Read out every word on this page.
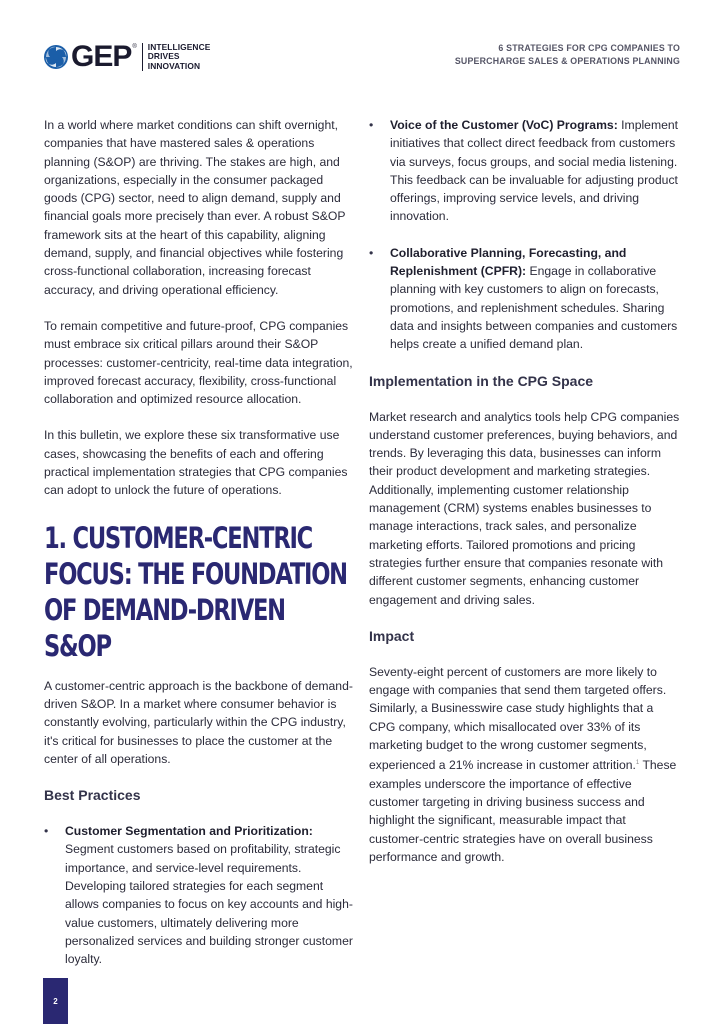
GEP ® INTELLIGENCE
DRIVES
INNOVATION
6 STRATEGIES FOR CPG COMPANIES TO
SUPERCHARGE SALES & OPERATIONS PLANNING

In a world where market conditions can shift overnight, companies that have mastered sales & operations planning (S&OP) are thriving. The stakes are high, and organizations, especially in the consumer packaged goods (CPG) sector, need to align demand, supply and financial goals more precisely than ever. A robust S&OP framework sits at the heart of this capability, aligning demand, supply, and financial objectives while fostering cross-functional collaboration, increasing forecast accuracy, and driving operational efficiency.

To remain competitive and future-proof, CPG companies must embrace six critical pillars around their S&OP processes: customer-centricity, real-time data integration, improved forecast accuracy, flexibility, cross-functional collaboration and optimized resource allocation.

In this bulletin, we explore these six transformative use cases, showcasing the benefits of each and offering practical implementation strategies that CPG companies can adopt to unlock the future of operations.

1. CUSTOMER-CENTRIC
FOCUS: THE FOUNDATION
OF DEMAND-DRIVEN S&OP

A customer-centric approach is the backbone of demand-driven S&OP. In a market where consumer behavior is constantly evolving, particularly within the CPG industry, it's critical for businesses to place the customer at the center of all operations.

Best Practices
• Customer Segmentation and Prioritization: Segment customers based on profitability, strategic importance, and service-level requirements. Developing tailored strategies for each segment allows companies to focus on key accounts and high-value customers, ultimately delivering more personalized services and building stronger customer loyalty.
• Voice of the Customer (VoC) Programs: Implement initiatives that collect direct feedback from customers via surveys, focus groups, and social media listening. This feedback can be invaluable for adjusting product offerings, improving service levels, and driving innovation.
• Collaborative Planning, Forecasting, and Replenishment (CPFR): Engage in collaborative planning with key customers to align on forecasts, promotions, and replenishment schedules. Sharing data and insights between companies and customers helps create a unified demand plan.
Implementation in the CPG Space

Market research and analytics tools help CPG companies understand customer preferences, buying behaviors, and trends. By leveraging this data, businesses can inform their product development and marketing strategies. Additionally, implementing customer relationship management (CRM) systems enables businesses to manage interactions, track sales, and personalize marketing efforts. Tailored promotions and pricing strategies further ensure that companies resonate with different customer segments, enhancing customer engagement and driving sales.

Impact

Seventy-eight percent of customers are more likely to engage with companies that send them targeted offers. Similarly, a Businesswire case study highlights that a CPG company, which misallocated over 33% of its marketing budget to the wrong customer segments, experienced a 21% increase in customer attrition.$^1$ These examples underscore the importance of effective customer targeting in driving business success and highlight the significant, measurable impact that customer-centric strategies have on overall business performance and growth.

2
